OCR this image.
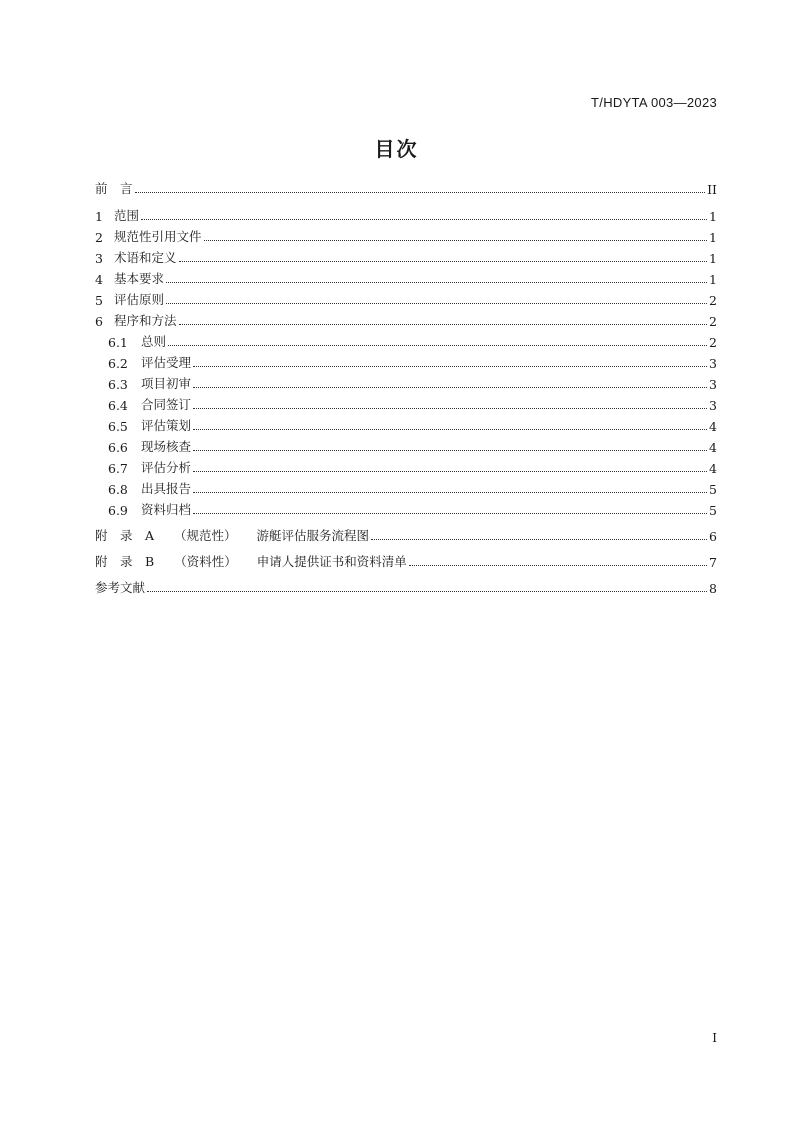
T/HDYTA 003—2023
目次
前　言	II
1 范围	1
2 规范性引用文件	1
3 术语和定义	1
4 基本要求	1
5 评估原则	2
6 程序和方法	2
6.1	总则	2
6.2	评估受理	3
6.3	项目初审	3
6.4	合同签订	3
6.5	评估策划	4
6.6	现场核查	4
6.7	评估分析	4
6.8	出具报告	5
6.9	资料归档	5
附　录　A （规范性） 游艇评估服务流程图	6
附　录　B （资料性） 申请人提供证书和资料清单	7
参考文献	8
I
